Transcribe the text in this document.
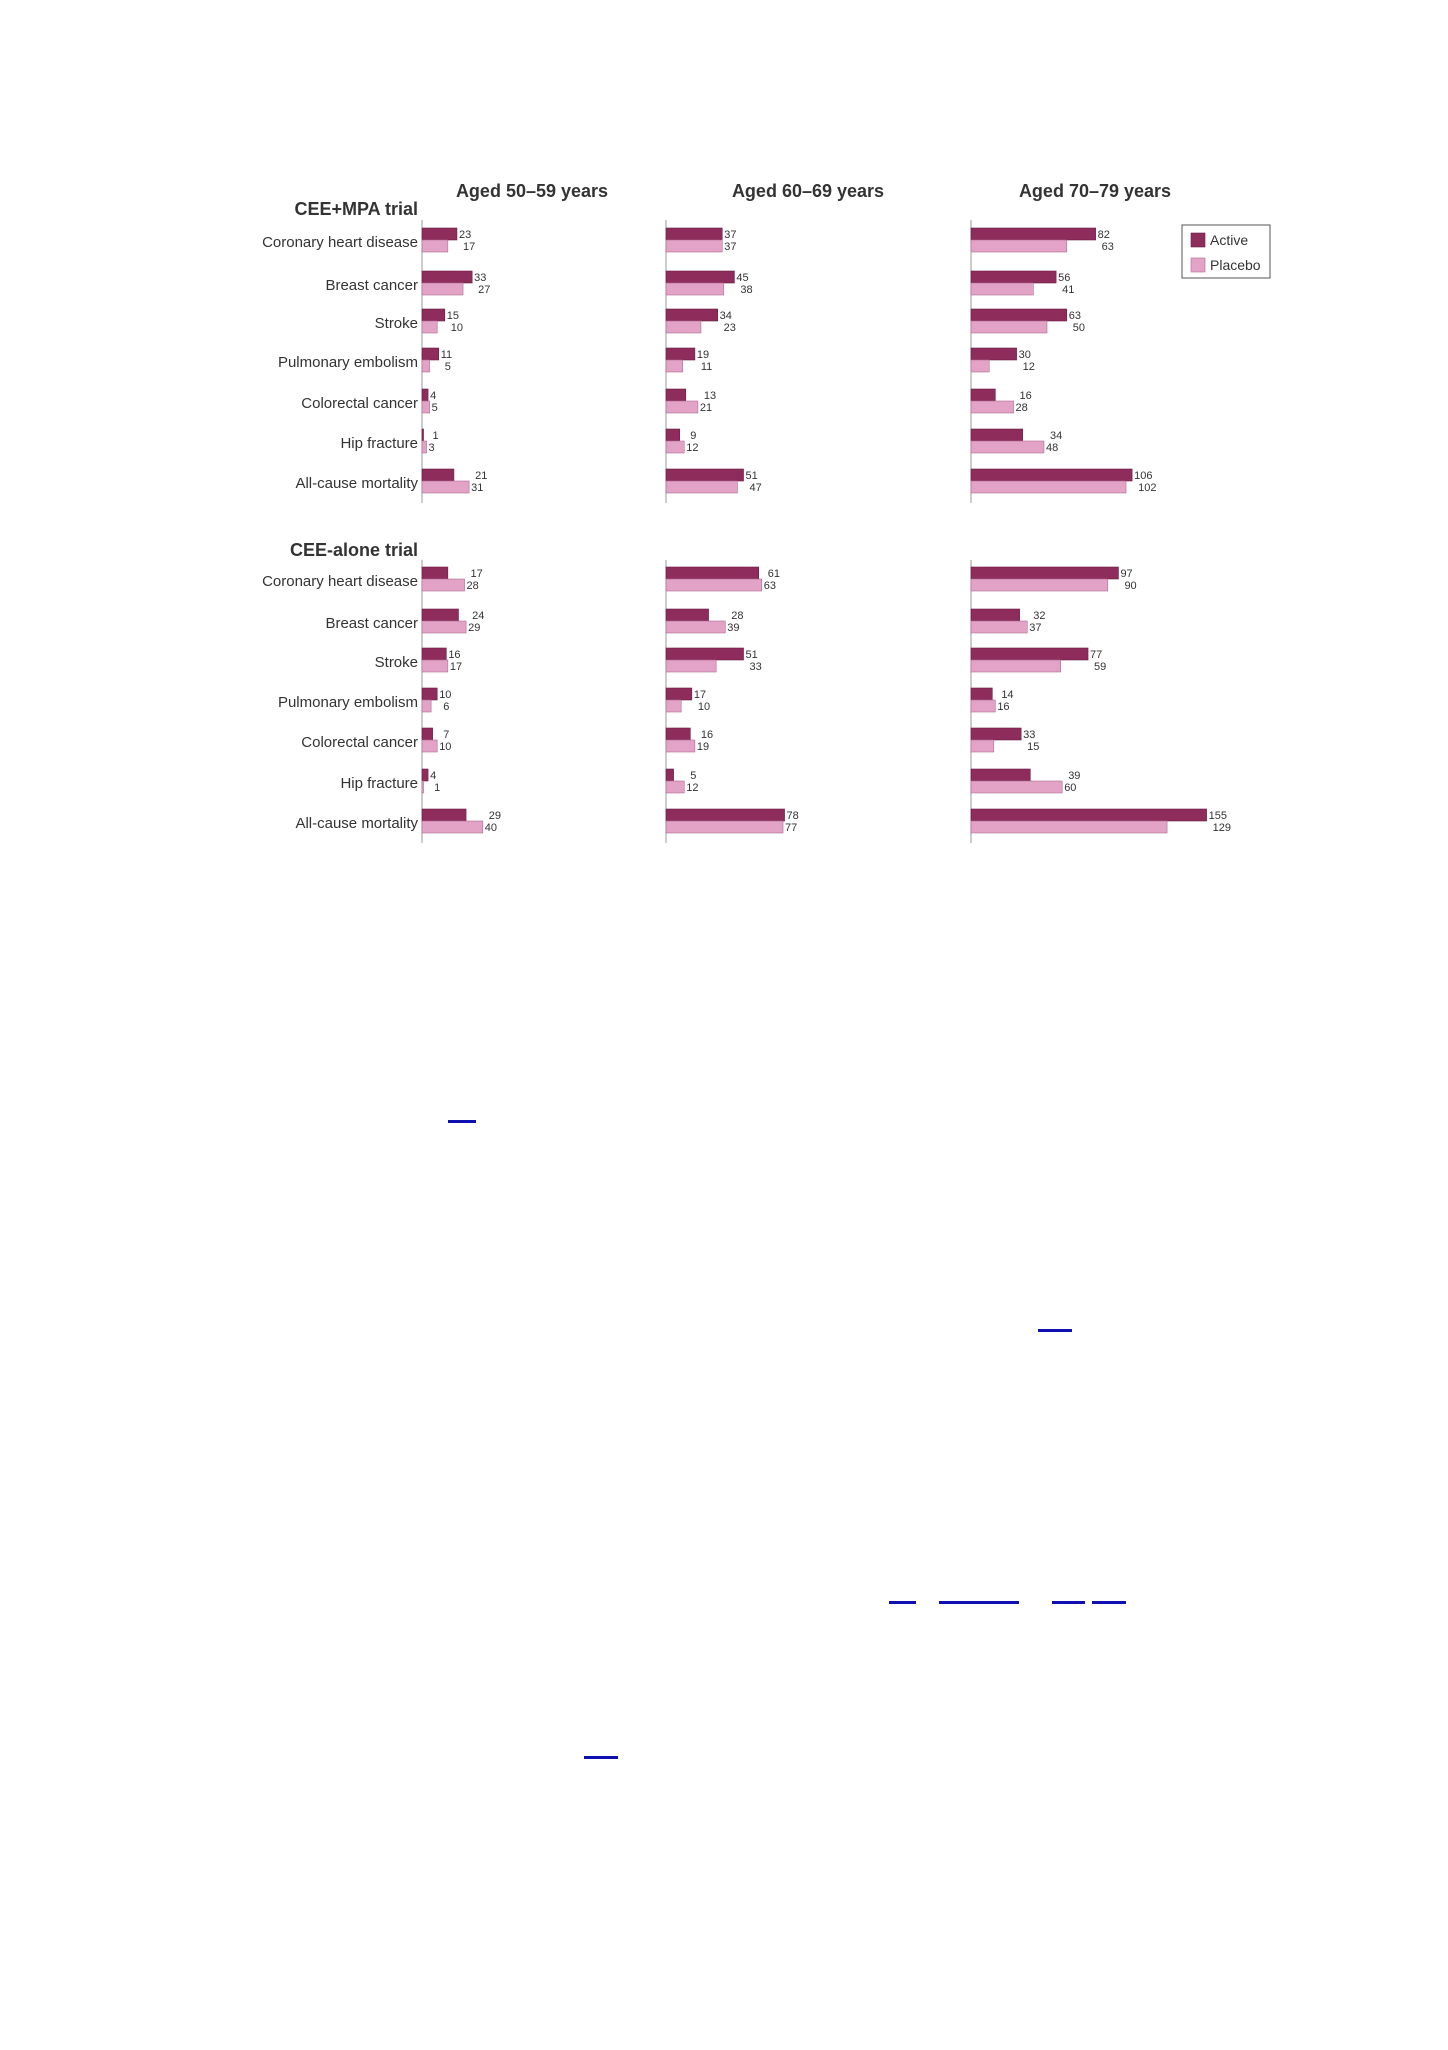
Aged 50–59 years	Aged 60–69 years	Aged 70–79 years
CEE+MPA trial
Coronary heart disease
Breast cancer
Stroke
Pulmonary embolism
Colorectal cancer
Hip fracture
All-cause mortality
23
17
33
27
15
10
11
5
4
5
1
3
21
31
37
37
45
38
34
23
19
11
13
21
9
12
51
47
82
63
56
41
63
50
30
12
16
28
34
48
106
102
CEE-alone trial
Coronary heart disease
Breast cancer
Stroke
Pulmonary embolism
Colorectal cancer
Hip fracture
All-cause mortality
17
28
24
29
16
17
10
6
7
10
4
1
29
40
61
63
28
39
51
33
17
10
16
19
5
12
78
77
97
90
32
37
77
59
14
16
33
15
39
60
155
129
Active
Placebo
